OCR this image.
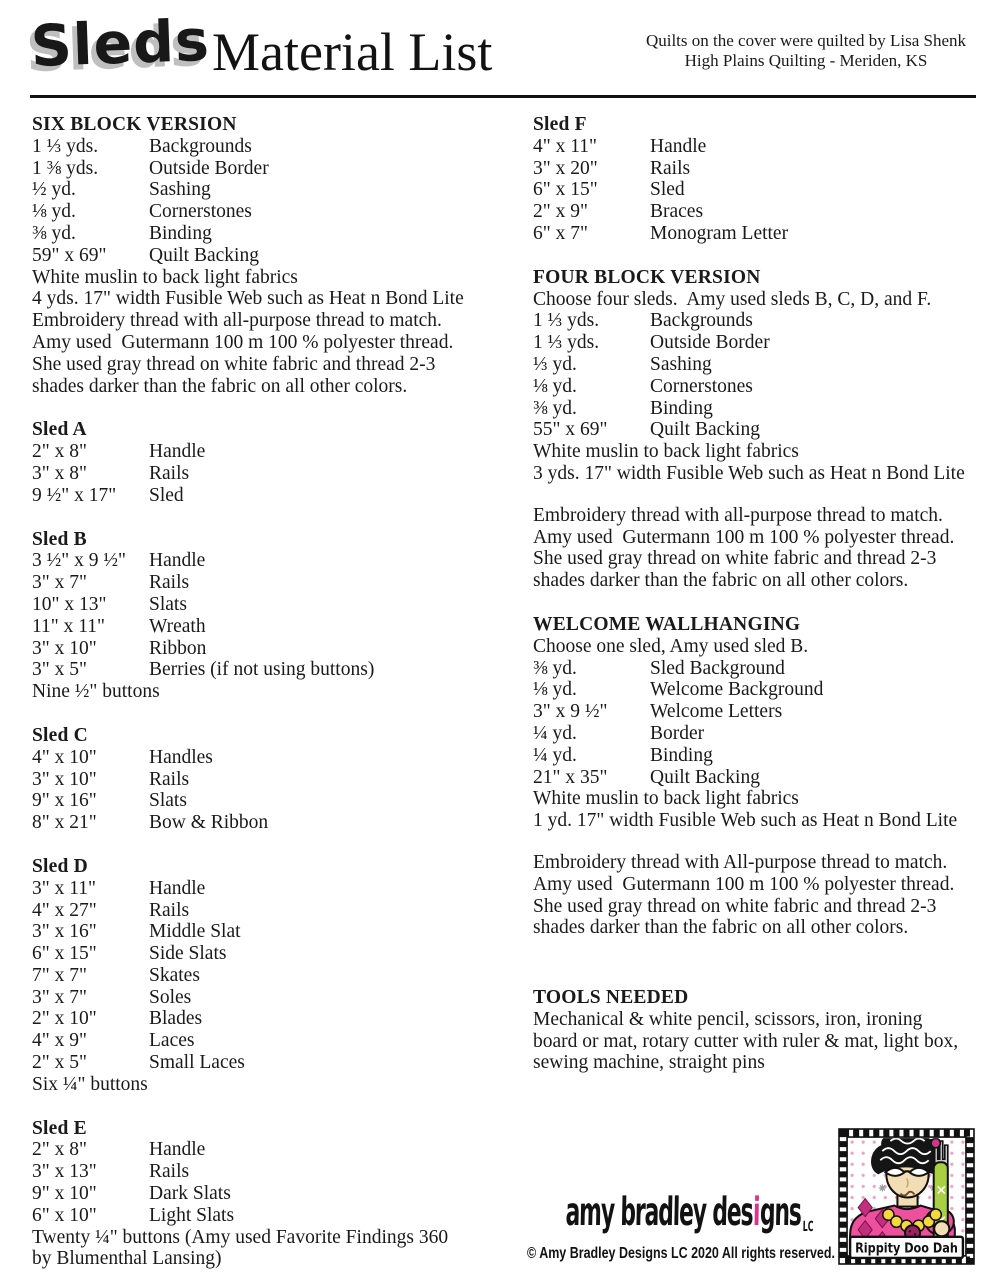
Sleds Material List	Quilts on the cover were quilted by Lisa Shenk
High Plains Quilting - Meriden, KS
SIX BLOCK VERSION
1 ⅓ yds.	Backgrounds
1 ⅜ yds.	Outside Border
½ yd.	Sashing
⅛ yd.	Cornerstones
⅜ yd.	Binding
59" x 69"	Quilt Backing
White muslin to back light fabrics
4 yds. 17" width Fusible Web such as Heat n Bond Lite
Embroidery thread with all-purpose thread to match.
Amy used  Gutermann 100 m 100 % polyester thread.
She used gray thread on white fabric and thread 2-3
shades darker than the fabric on all other colors.
Sled A
2" x 8"	Handle
3" x 8"	Rails
9 ½" x 17"	Sled
Sled B
3 ½" x 9 ½"	Handle
3" x 7"	Rails
10" x 13"	Slats
11" x 11"	Wreath
3" x 10"	Ribbon
3" x 5"	Berries (if not using buttons)
Nine ½" buttons
Sled C
4" x 10"	Handles
3" x 10"	Rails
9" x 16"	Slats
8" x 21"	Bow & Ribbon
Sled D
3" x 11"	Handle
4" x 27"	Rails
3" x 16"	Middle Slat
6" x 15"	Side Slats
7" x 7"	Skates
3" x 7"	Soles
2" x 10"	Blades
4" x 9"	Laces
2" x 5"	Small Laces
Six ¼" buttons
Sled E
2" x 8"	Handle
3" x 13"	Rails
9" x 10"	Dark Slats
6" x 10"	Light Slats
Twenty ¼" buttons (Amy used Favorite Findings 360
by Blumenthal Lansing)
Sled F
4" x 11"	Handle
3" x 20"	Rails
6" x 15"	Sled
2" x 9"	Braces
6" x 7"	Monogram Letter
FOUR BLOCK VERSION
Choose four sleds.  Amy used sleds B, C, D, and F.
1 ⅓ yds.	Backgrounds
1 ⅓ yds.	Outside Border
⅓ yd.	Sashing
⅛ yd.	Cornerstones
⅜ yd.	Binding
55" x 69"	Quilt Backing
White muslin to back light fabrics
3 yds. 17" width Fusible Web such as Heat n Bond Lite
Embroidery thread with all-purpose thread to match.
Amy used  Gutermann 100 m 100 % polyester thread.
She used gray thread on white fabric and thread 2-3
shades darker than the fabric on all other colors.
WELCOME WALLHANGING
Choose one sled, Amy used sled B.
⅜ yd.	Sled Background
⅛ yd.	Welcome Background
3" x 9 ½"	Welcome Letters
¼ yd.	Border
¼ yd.	Binding
21" x 35"	Quilt Backing
White muslin to back light fabrics
1 yd. 17" width Fusible Web such as Heat n Bond Lite
Embroidery thread with All-purpose thread to match.
Amy used  Gutermann 100 m 100 % polyester thread.
She used gray thread on white fabric and thread 2-3
shades darker than the fabric on all other colors.
TOOLS NEEDED
Mechanical & white pencil, scissors, iron, ironing
board or mat, rotary cutter with ruler & mat, light box,
sewing machine, straight pins
amy bradley designsLC
© Amy Bradley Designs LC 2020 All rights reserved. Rippity Doo Dah
